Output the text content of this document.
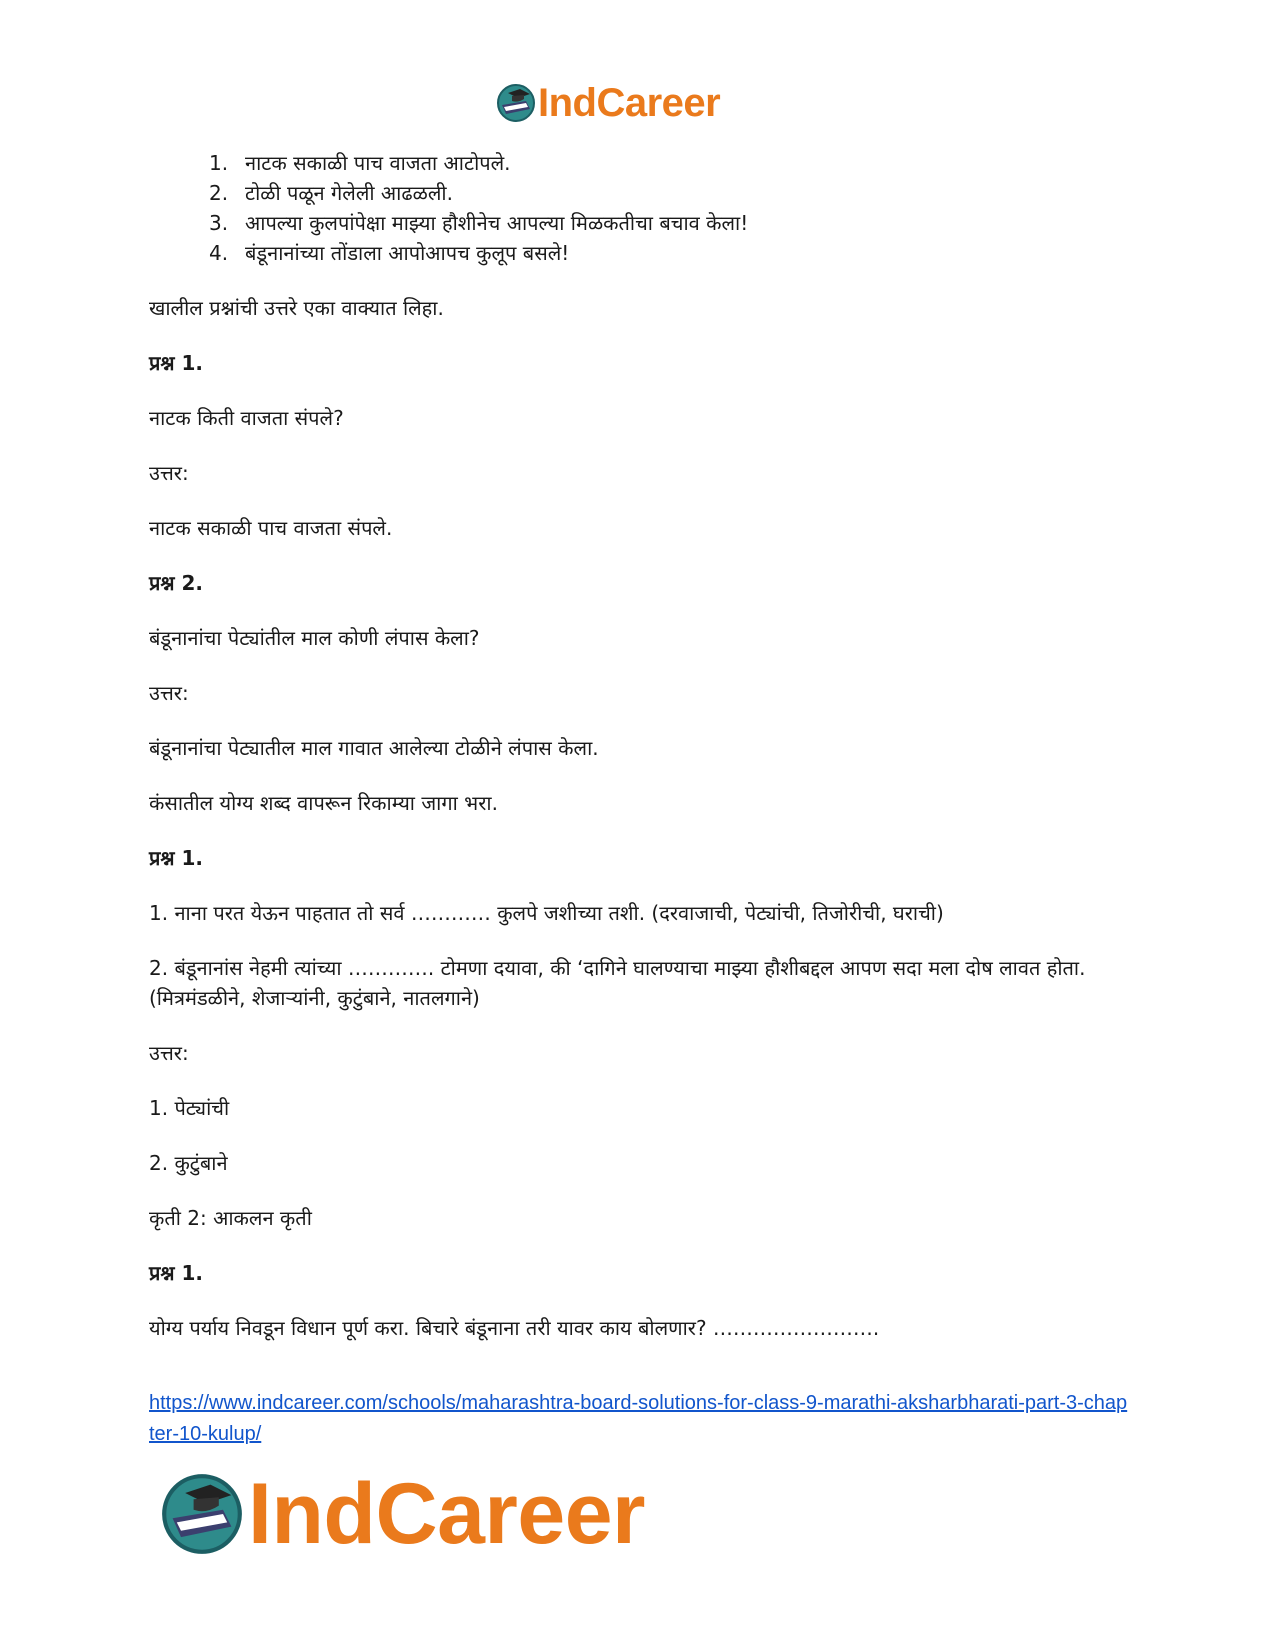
IndCareer
1. नाटक सकाळी पाच वाजता आटोपले.
2. टोळी पळून गेलेली आढळली.
3. आपल्या कुलपांपेक्षा माझ्या हौशीनेच आपल्या मिळकतीचा बचाव केला!
4. बंडूनानांच्या तोंडाला आपोआपच कुलूप बसले!

खालील प्रश्नांची उत्तरे एका वाक्यात लिहा.

प्रश्न 1.

नाटक किती वाजता संपले?

उत्तर:

नाटक सकाळी पाच वाजता संपले.

प्रश्न 2.

बंडूनानांचा पेट्यांतील माल कोणी लंपास केला?

उत्तर:

बंडूनानांचा पेट्यातील माल गावात आलेल्या टोळीने लंपास केला.

कंसातील योग्य शब्द वापरून रिकाम्या जागा भरा.

प्रश्न 1.

1. नाना परत येऊन पाहतात तो सर्व ………… कुलपे जशीच्या तशी. (दरवाजाची, पेट्यांची, तिजोरीची, घराची)

2. बंडूनानांस नेहमी त्यांच्या …………. टोमणा दयावा, की ‘दागिने घालण्याचा माझ्या हौशीबद्दल आपण सदा मला दोष लावत होता. (मित्रमंडळीने, शेजाऱ्यांनी, कुटुंबाने, नातलगाने)

उत्तर:

1. पेट्यांची

2. कुटुंबाने

कृती 2: आकलन कृती

प्रश्न 1.

योग्य पर्याय निवडून विधान पूर्ण करा. बिचारे बंडूनाना तरी यावर काय बोलणार? …………………….

https://www.indcareer.com/schools/maharashtra-board-solutions-for-class-9-marathi-aksharbharati-part-3-chapter-10-kulup/

IndCareer
